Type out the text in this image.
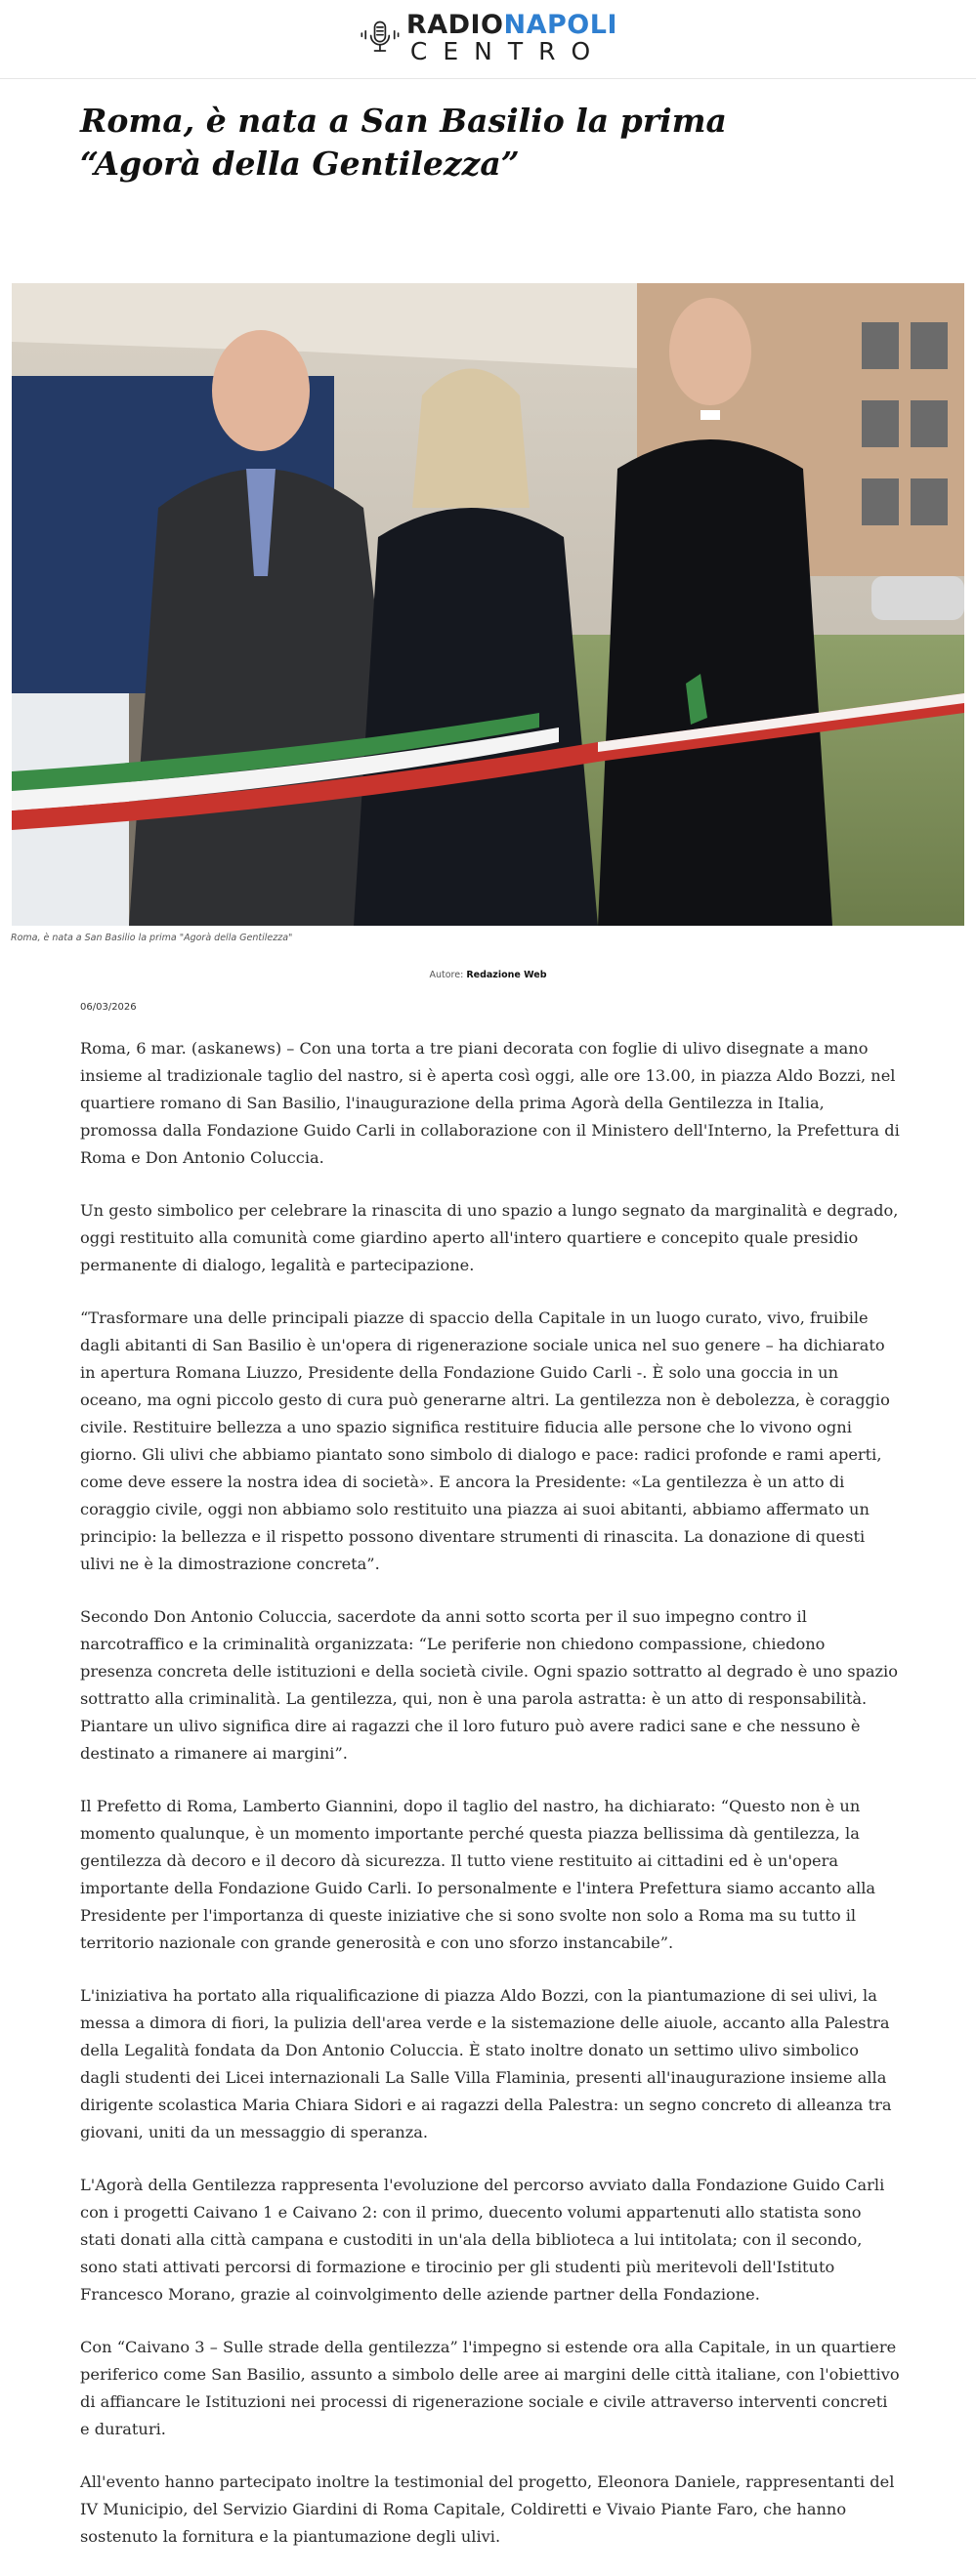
RADIONAPOLI
CENTRO
Roma, è nata a San Basilio la prima “Agorà della Gentilezza”
Roma, è nata a San Basilio la prima "Agorà della Gentilezza"
Autore: Redazione Web
06/03/2026

Roma, 6 mar. (askanews) – Con una torta a tre piani decorata con foglie di ulivo disegnate a mano insieme al tradizionale taglio del nastro, si è aperta così oggi, alle ore 13.00, in piazza Aldo Bozzi, nel quartiere romano di San Basilio, l'inaugurazione della prima Agorà della Gentilezza in Italia, promossa dalla Fondazione Guido Carli in collaborazione con il Ministero dell'Interno, la Prefettura di Roma e Don Antonio Coluccia.

Un gesto simbolico per celebrare la rinascita di uno spazio a lungo segnato da marginalità e degrado, oggi restituito alla comunità come giardino aperto all'intero quartiere e concepito quale presidio permanente di dialogo, legalità e partecipazione.

“Trasformare una delle principali piazze di spaccio della Capitale in un luogo curato, vivo, fruibile dagli abitanti di San Basilio è un'opera di rigenerazione sociale unica nel suo genere – ha dichiarato in apertura Romana Liuzzo, Presidente della Fondazione Guido Carli -. È solo una goccia in un oceano, ma ogni piccolo gesto di cura può generarne altri. La gentilezza non è debolezza, è coraggio civile. Restituire bellezza a uno spazio significa restituire fiducia alle persone che lo vivono ogni giorno. Gli ulivi che abbiamo piantato sono simbolo di dialogo e pace: radici profonde e rami aperti, come deve essere la nostra idea di società». E ancora la Presidente: «La gentilezza è un atto di coraggio civile, oggi non abbiamo solo restituito una piazza ai suoi abitanti, abbiamo affermato un principio: la bellezza e il rispetto possono diventare strumenti di rinascita. La donazione di questi ulivi ne è la dimostrazione concreta”.

Secondo Don Antonio Coluccia, sacerdote da anni sotto scorta per il suo impegno contro il narcotraffico e la criminalità organizzata: “Le periferie non chiedono compassione, chiedono presenza concreta delle istituzioni e della società civile. Ogni spazio sottratto al degrado è uno spazio sottratto alla criminalità. La gentilezza, qui, non è una parola astratta: è un atto di responsabilità. Piantare un ulivo significa dire ai ragazzi che il loro futuro può avere radici sane e che nessuno è destinato a rimanere ai margini”.

Il Prefetto di Roma, Lamberto Giannini, dopo il taglio del nastro, ha dichiarato: “Questo non è un momento qualunque, è un momento importante perché questa piazza bellissima dà gentilezza, la gentilezza dà decoro e il decoro dà sicurezza. Il tutto viene restituito ai cittadini ed è un'opera importante della Fondazione Guido Carli. Io personalmente e l'intera Prefettura siamo accanto alla Presidente per l'importanza di queste iniziative che si sono svolte non solo a Roma ma su tutto il territorio nazionale con grande generosità e con uno sforzo instancabile”.

L'iniziativa ha portato alla riqualificazione di piazza Aldo Bozzi, con la piantumazione di sei ulivi, la messa a dimora di fiori, la pulizia dell'area verde e la sistemazione delle aiuole, accanto alla Palestra della Legalità fondata da Don Antonio Coluccia. È stato inoltre donato un settimo ulivo simbolico dagli studenti dei Licei internazionali La Salle Villa Flaminia, presenti all'inaugurazione insieme alla dirigente scolastica Maria Chiara Sidori e ai ragazzi della Palestra: un segno concreto di alleanza tra giovani, uniti da un messaggio di speranza.

L'Agorà della Gentilezza rappresenta l'evoluzione del percorso avviato dalla Fondazione Guido Carli con i progetti Caivano 1 e Caivano 2: con il primo, duecento volumi appartenuti allo statista sono stati donati alla città campana e custoditi in un'ala della biblioteca a lui intitolata; con il secondo, sono stati attivati percorsi di formazione e tirocinio per gli studenti più meritevoli dell'Istituto Francesco Morano, grazie al coinvolgimento delle aziende partner della Fondazione.

Con “Caivano 3 – Sulle strade della gentilezza” l'impegno si estende ora alla Capitale, in un quartiere periferico come San Basilio, assunto a simbolo delle aree ai margini delle città italiane, con l'obiettivo di affiancare le Istituzioni nei processi di rigenerazione sociale e civile attraverso interventi concreti e duraturi.

All'evento hanno partecipato inoltre la testimonial del progetto, Eleonora Daniele, rappresentanti del IV Municipio, del Servizio Giardini di Roma Capitale, Coldiretti e Vivaio Piante Faro, che hanno sostenuto la fornitura e la piantumazione degli ulivi.
